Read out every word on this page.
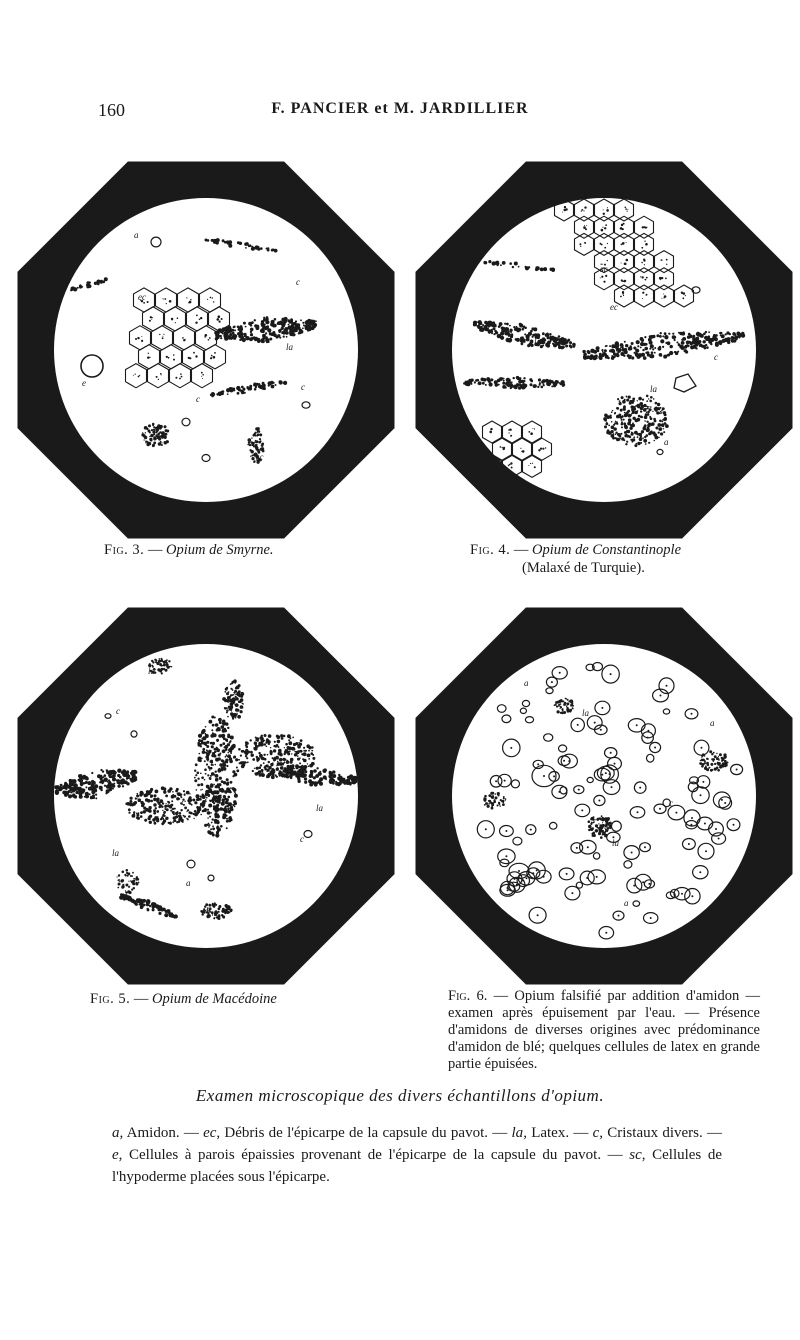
160	F. PANCIER et M. JARDILLIER
a
e
c
la
c
c
ec
sc
sc
la
ec
c
la
a
la
la
c
a
la
c
la
a
la
a
c
la
a
Fig. 3. — Opium de Smyrne.	Fig. 4. — Opium de Constantinople
(Malaxé de Turquie).
Fig. 5. — Opium de Macédoine	Fig. 6. — Opium falsifié par addition d'amidon — examen après épuisement par l'eau. — Présence d'amidons de diverses origines avec prédominance d'amidon de blé; quelques cellules de latex en grande partie épuisées.
Examen microscopique des divers échantillons d'opium.
a, Amidon. — ec, Débris de l'épicarpe de la capsule du pavot. — la, Latex. — c, Cristaux divers. — e, Cellules à parois épaissies provenant de l'épicarpe de la capsule du pavot. — sc, Cellules de l'hypoderme placées sous l'épicarpe.
